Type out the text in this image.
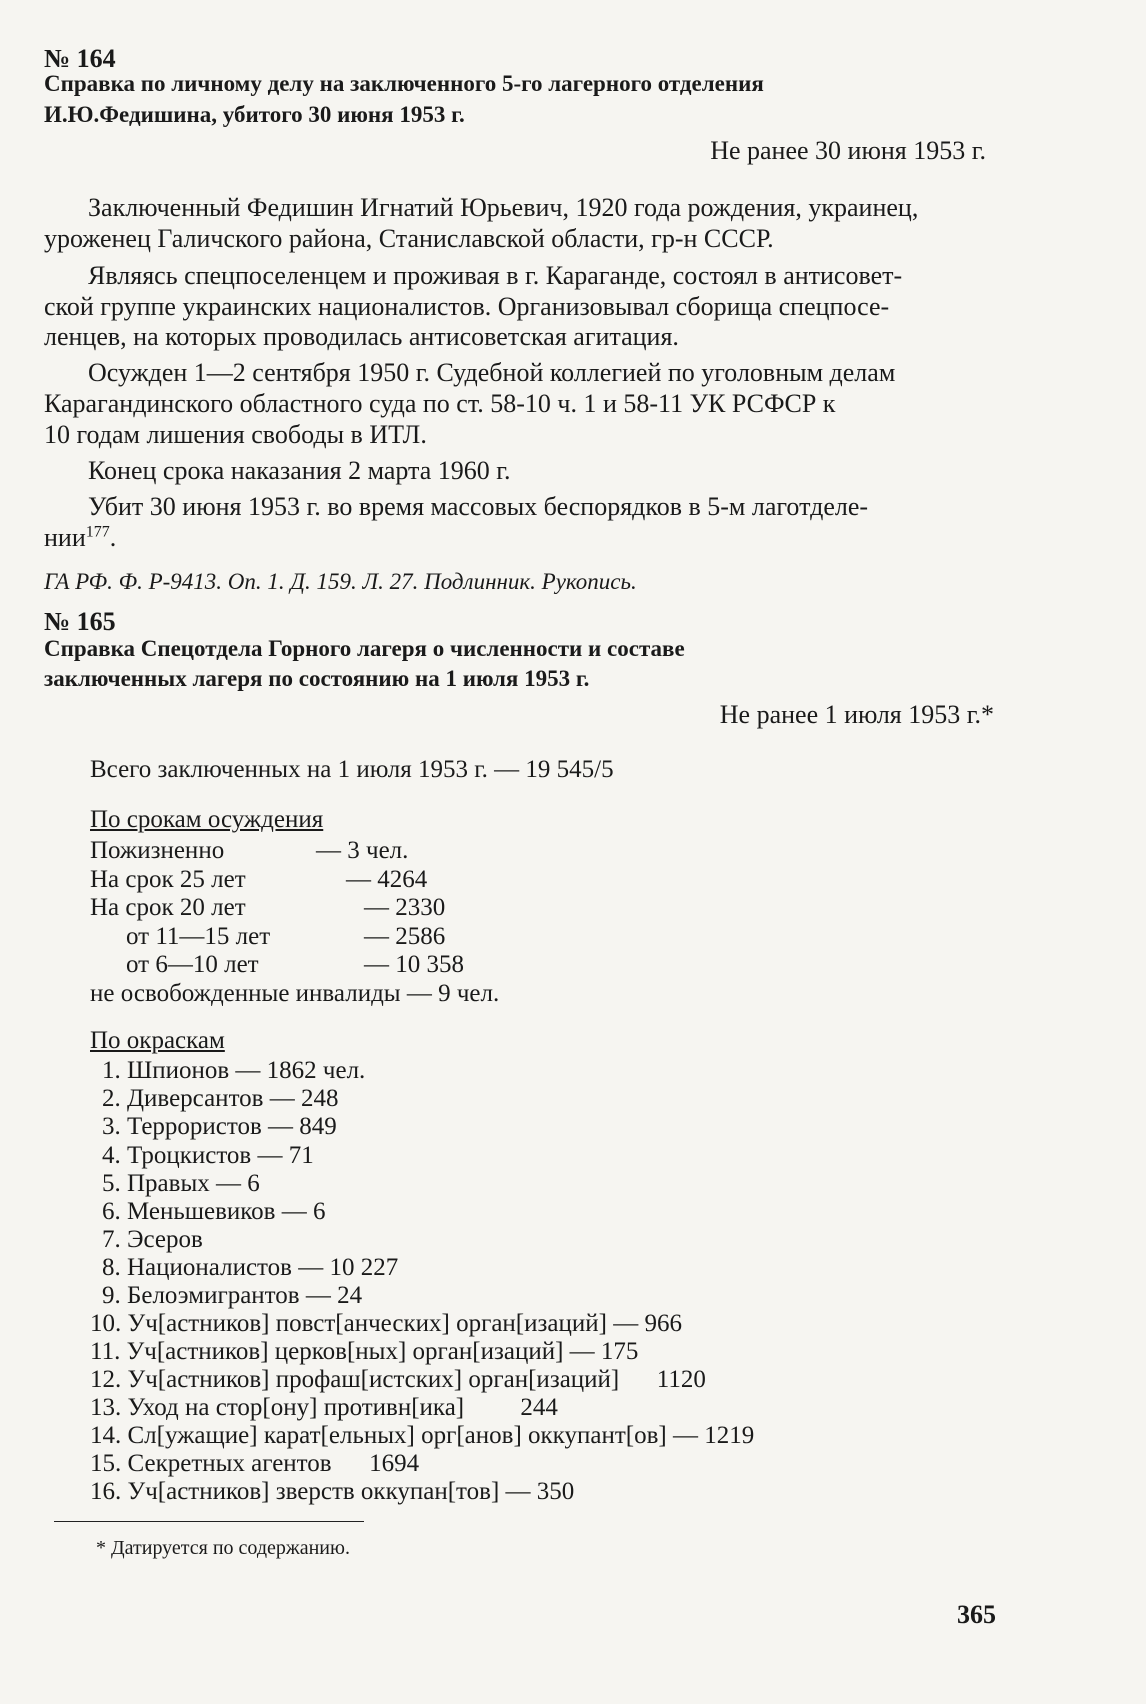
№ 164
Справка по личному делу на заключенного 5-го лагерного отделения
И.Ю.Федишина, убитого 30 июня 1953 г.
Не ранее 30 июня 1953 г.
Заключенный Федишин Игнатий Юрьевич, 1920 года рождения, украинец,
уроженец Галичского района, Станиславской области, гр-н СССР.
Являясь спецпоселенцем и проживая в г. Караганде, состоял в антисовет-
ской группе украинских националистов. Организовывал сборища спецпосе-
ленцев, на которых проводилась антисоветская агитация.
Осужден 1—2 сентября 1950 г. Судебной коллегией по уголовным делам
Карагандинского областного суда по ст. 58-10 ч. 1 и 58-11 УК РСФСР к
10 годам лишения свободы в ИТЛ.
Конец срока наказания 2 марта 1960 г.
Убит 30 июня 1953 г. во время массовых беспорядков в 5-м лаготделе-
нии$^{177}$.
ГА РФ. Ф. Р-9413. Оп. 1. Д. 159. Л. 27. Подлинник. Рукопись.
№ 165
Справка Спецотдела Горного лагеря о численности и составе
заключенных лагеря по состоянию на 1 июля 1953 г.
Не ранее 1 июля 1953 г.*
Всего заключенных на 1 июля 1953 г. — 19 545/5
По срокам осуждения
Пожизненно	— 3 чел.
На срок 25 лет	— 4264
На срок 20 лет	— 2330
от 11—15 лет	— 2586
от 6—10 лет	— 10 358
не освобожденные инвалиды — 9 чел.
По окраскам
1. Шпионов — 1862 чел.
2. Диверсантов — 248
3. Террористов — 849
4. Троцкистов — 71
5. Правых — 6
6. Меньшевиков — 6
7. Эсеров
8. Националистов — 10 227
9. Белоэмигрантов — 24
10. Уч[астников] повст[анческих] орган[изаций] — 966
11. Уч[астников] церков[ных] орган[изаций] — 175
12. Уч[астников] профаш[истских] орган[изаций]      1120
13. Уход на стор[ону] противн[ика]         244
14. Сл[ужащие] карат[ельных] орг[анов] оккупант[ов] — 1219
15. Секретных агентов      1694
16. Уч[астников] зверств оккупан[тов] — 350
* Датируется по содержанию.
365
